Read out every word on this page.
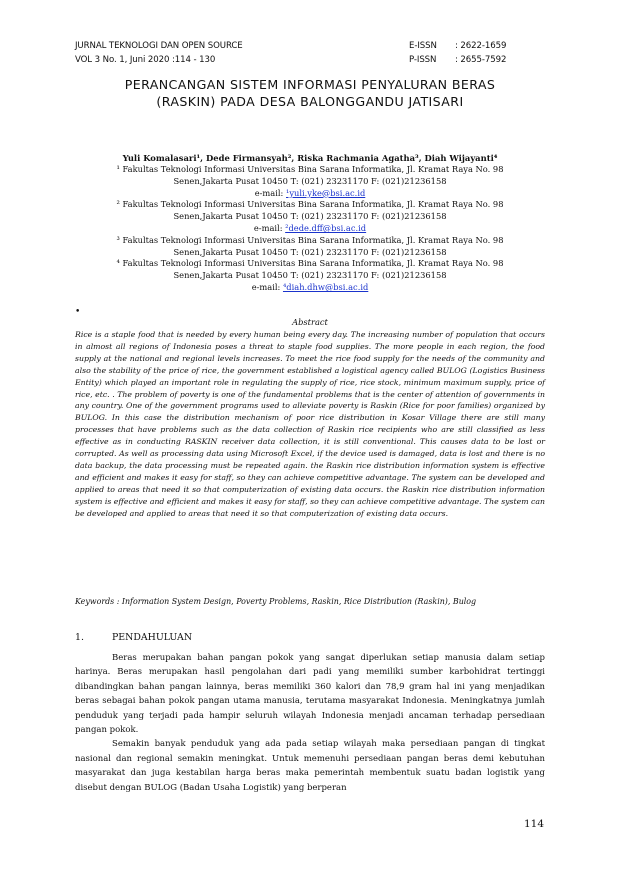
JURNAL TEKNOLOGI DAN OPEN SOURCE
VOL 3 No. 1, Juni 2020 :114 - 130
E-ISSN	: 2622-1659
P-ISSN	: 2655-7592
PERANCANGAN SISTEM INFORMASI PENYALURAN BERAS
(RASKIN) PADA DESA BALONGGANDU JATISARI
Yuli Komalasari¹, Dede Firmansyah², Riska Rachmania Agatha³, Diah Wijayanti⁴
¹ Fakultas Teknologi Informasi Universitas Bina Sarana Informatika, Jl. Kramat Raya No. 98
Senen,Jakarta Pusat 10450 T: (021) 23231170 F: (021)21236158
e-mail: ¹yuli.yke@bsi.ac.id
² Fakultas Teknologi Informasi Universitas Bina Sarana Informatika, Jl. Kramat Raya No. 98
Senen,Jakarta Pusat 10450 T: (021) 23231170 F: (021)21236158
e-mail: ²dede.dff@bsi.ac.id
³ Fakultas Teknologi Informasi Universitas Bina Sarana Informatika, Jl. Kramat Raya No. 98
Senen,Jakarta Pusat 10450 T: (021) 23231170 F: (021)21236158
⁴ Fakultas Teknologi Informasi Universitas Bina Sarana Informatika, Jl. Kramat Raya No. 98
Senen,Jakarta Pusat 10450 T: (021) 23231170 F: (021)21236158
e-mail: ⁴diah.dhw@bsi.ac.id
•
Abstract
Rice is a staple food that is needed by every human being every day. The increasing number of population that occurs in almost all regions of Indonesia poses a threat to staple food supplies. The more people in each region, the food supply at the national and regional levels increases. To meet the rice food supply for the needs of the community and also the stability of the price of rice, the government established a logistical agency called BULOG (Logistics Business Entity) which played an important role in regulating the supply of rice, rice stock, minimum maximum supply, price of rice, etc. . The problem of poverty is one of the fundamental problems that is the center of attention of governments in any country. One of the government programs used to alleviate poverty is Raskin (Rice for poor families) organized by BULOG. In this case the distribution mechanism of poor rice distribution in Kosar Village there are still many processes that have problems such as the data collection of Raskin rice recipients who are still classified as less effective as in conducting RASKIN receiver data collection, it is still conventional. This causes data to be lost or corrupted. As well as processing data using Microsoft Excel, if the device used is damaged, data is lost and there is no data backup, the data processing must be repeated again. the Raskin rice distribution information system is effective and efficient and makes it easy for staff, so they can achieve competitive advantage. The system can be developed and applied to areas that need it so that computerization of existing data occurs. the Raskin rice distribution information system is effective and efficient and makes it easy for staff, so they can achieve competitive advantage. The system can be developed and applied to areas that need it so that computerization of existing data occurs.
Keywords : Information System Design, Poverty Problems, Raskin, Rice Distribution (Raskin), Bulog
1.	PENDAHULUAN

Beras merupakan bahan pangan pokok yang sangat diperlukan setiap manusia dalam setiap harinya. Beras merupakan hasil pengolahan dari padi yang memiliki sumber karbohidrat tertinggi dibandingkan bahan pangan lainnya, beras memiliki 360 kalori dan 78,9 gram hal ini yang menjadikan beras sebagai bahan pokok pangan utama manusia, terutama masyarakat Indonesia. Meningkatnya jumlah penduduk yang terjadi pada hampir seluruh wilayah Indonesia menjadi ancaman terhadap persediaan pangan pokok.

Semakin banyak penduduk yang ada pada setiap wilayah maka persediaan pangan di tingkat nasional dan regional semakin meningkat. Untuk memenuhi persediaan pangan beras demi kebutuhan masyarakat dan juga kestabilan harga beras maka pemerintah membentuk suatu badan logistik yang disebut dengan BULOG (Badan Usaha Logistik) yang berperan

114
